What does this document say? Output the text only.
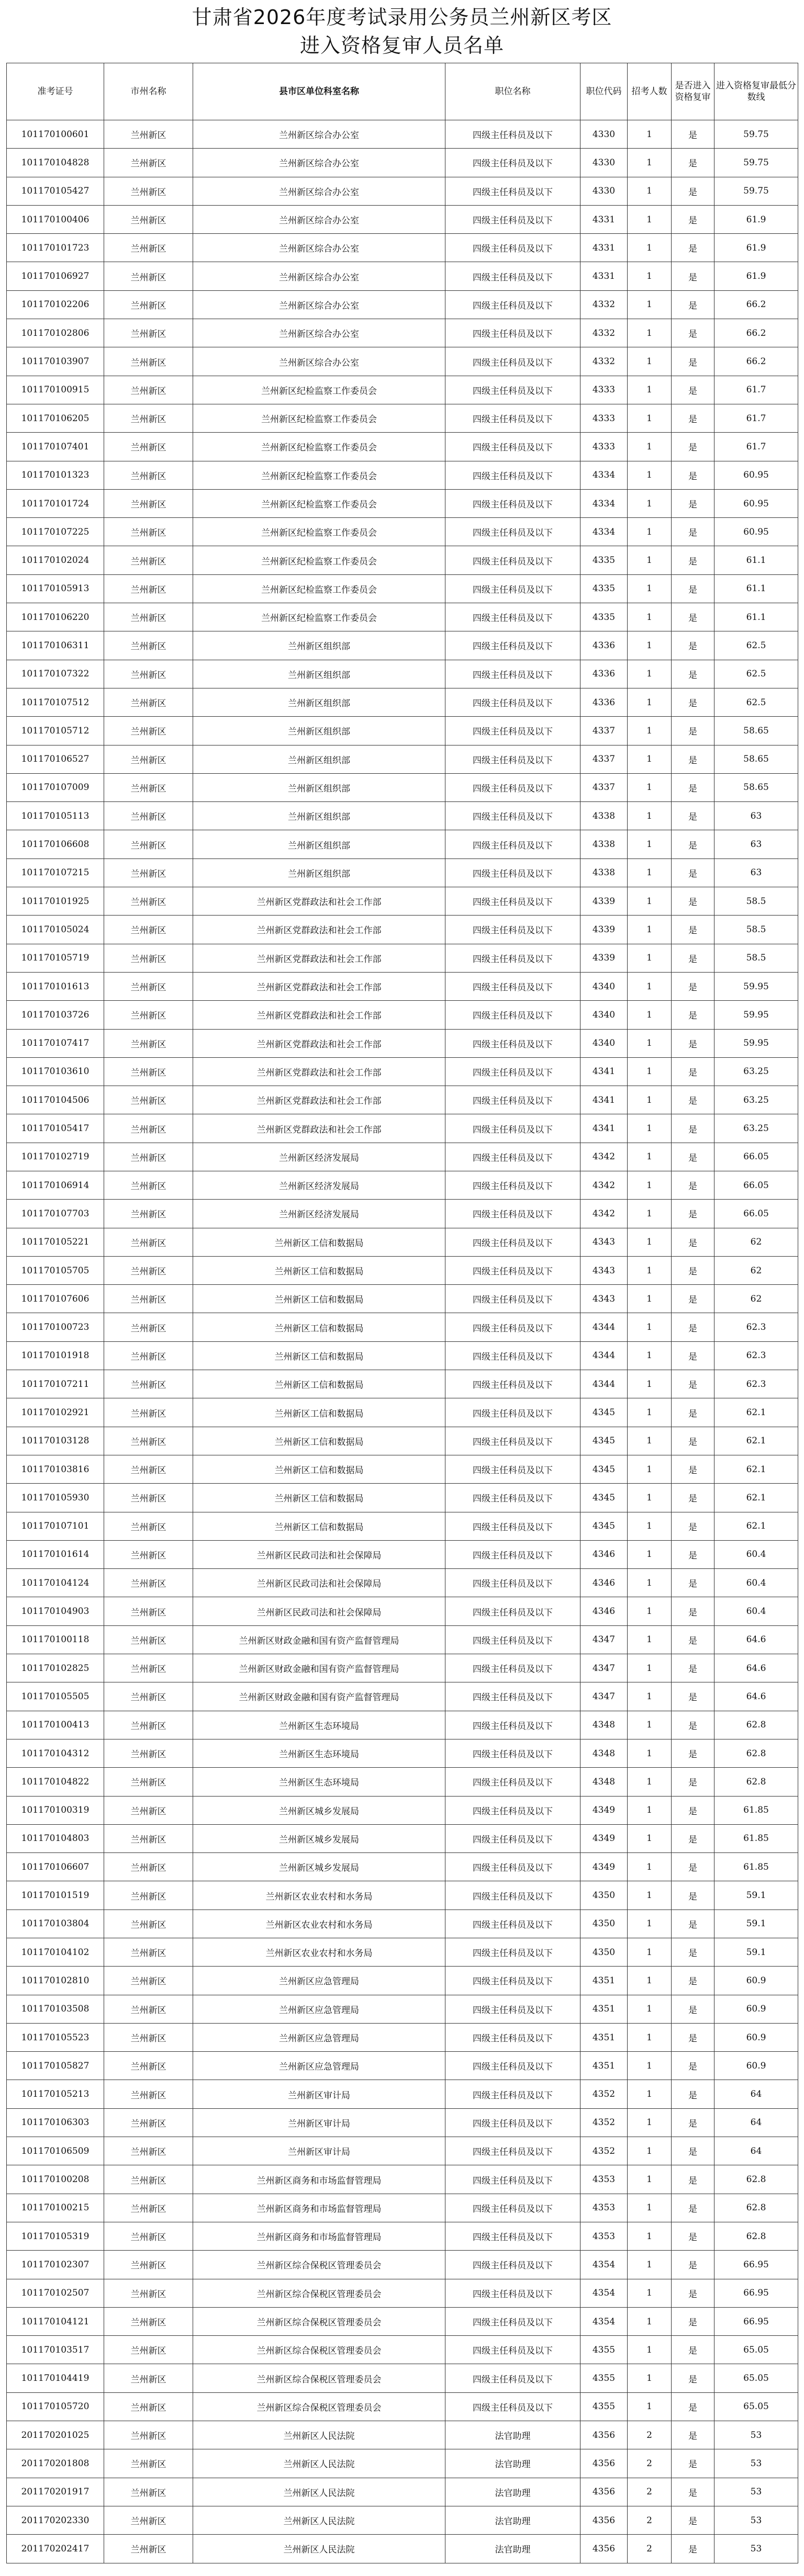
甘肃省2026年度考试录用公务员兰州新区考区
进入资格复审人员名单
准考证号	市州名称	县市区单位科室名称	职位名称	职位代码	招考人数	是否进入资格复审	进入资格复审最低分数线
101170100601	兰州新区	兰州新区综合办公室	四级主任科员及以下	4330	1	是	59.75
101170104828	兰州新区	兰州新区综合办公室	四级主任科员及以下	4330	1	是	59.75
101170105427	兰州新区	兰州新区综合办公室	四级主任科员及以下	4330	1	是	59.75
101170100406	兰州新区	兰州新区综合办公室	四级主任科员及以下	4331	1	是	61.9
101170101723	兰州新区	兰州新区综合办公室	四级主任科员及以下	4331	1	是	61.9
101170106927	兰州新区	兰州新区综合办公室	四级主任科员及以下	4331	1	是	61.9
101170102206	兰州新区	兰州新区综合办公室	四级主任科员及以下	4332	1	是	66.2
101170102806	兰州新区	兰州新区综合办公室	四级主任科员及以下	4332	1	是	66.2
101170103907	兰州新区	兰州新区综合办公室	四级主任科员及以下	4332	1	是	66.2
101170100915	兰州新区	兰州新区纪检监察工作委员会	四级主任科员及以下	4333	1	是	61.7
101170106205	兰州新区	兰州新区纪检监察工作委员会	四级主任科员及以下	4333	1	是	61.7
101170107401	兰州新区	兰州新区纪检监察工作委员会	四级主任科员及以下	4333	1	是	61.7
101170101323	兰州新区	兰州新区纪检监察工作委员会	四级主任科员及以下	4334	1	是	60.95
101170101724	兰州新区	兰州新区纪检监察工作委员会	四级主任科员及以下	4334	1	是	60.95
101170107225	兰州新区	兰州新区纪检监察工作委员会	四级主任科员及以下	4334	1	是	60.95
101170102024	兰州新区	兰州新区纪检监察工作委员会	四级主任科员及以下	4335	1	是	61.1
101170105913	兰州新区	兰州新区纪检监察工作委员会	四级主任科员及以下	4335	1	是	61.1
101170106220	兰州新区	兰州新区纪检监察工作委员会	四级主任科员及以下	4335	1	是	61.1
101170106311	兰州新区	兰州新区组织部	四级主任科员及以下	4336	1	是	62.5
101170107322	兰州新区	兰州新区组织部	四级主任科员及以下	4336	1	是	62.5
101170107512	兰州新区	兰州新区组织部	四级主任科员及以下	4336	1	是	62.5
101170105712	兰州新区	兰州新区组织部	四级主任科员及以下	4337	1	是	58.65
101170106527	兰州新区	兰州新区组织部	四级主任科员及以下	4337	1	是	58.65
101170107009	兰州新区	兰州新区组织部	四级主任科员及以下	4337	1	是	58.65
101170105113	兰州新区	兰州新区组织部	四级主任科员及以下	4338	1	是	63
101170106608	兰州新区	兰州新区组织部	四级主任科员及以下	4338	1	是	63
101170107215	兰州新区	兰州新区组织部	四级主任科员及以下	4338	1	是	63
101170101925	兰州新区	兰州新区党群政法和社会工作部	四级主任科员及以下	4339	1	是	58.5
101170105024	兰州新区	兰州新区党群政法和社会工作部	四级主任科员及以下	4339	1	是	58.5
101170105719	兰州新区	兰州新区党群政法和社会工作部	四级主任科员及以下	4339	1	是	58.5
101170101613	兰州新区	兰州新区党群政法和社会工作部	四级主任科员及以下	4340	1	是	59.95
101170103726	兰州新区	兰州新区党群政法和社会工作部	四级主任科员及以下	4340	1	是	59.95
101170107417	兰州新区	兰州新区党群政法和社会工作部	四级主任科员及以下	4340	1	是	59.95
101170103610	兰州新区	兰州新区党群政法和社会工作部	四级主任科员及以下	4341	1	是	63.25
101170104506	兰州新区	兰州新区党群政法和社会工作部	四级主任科员及以下	4341	1	是	63.25
101170105417	兰州新区	兰州新区党群政法和社会工作部	四级主任科员及以下	4341	1	是	63.25
101170102719	兰州新区	兰州新区经济发展局	四级主任科员及以下	4342	1	是	66.05
101170106914	兰州新区	兰州新区经济发展局	四级主任科员及以下	4342	1	是	66.05
101170107703	兰州新区	兰州新区经济发展局	四级主任科员及以下	4342	1	是	66.05
101170105221	兰州新区	兰州新区工信和数据局	四级主任科员及以下	4343	1	是	62
101170105705	兰州新区	兰州新区工信和数据局	四级主任科员及以下	4343	1	是	62
101170107606	兰州新区	兰州新区工信和数据局	四级主任科员及以下	4343	1	是	62
101170100723	兰州新区	兰州新区工信和数据局	四级主任科员及以下	4344	1	是	62.3
101170101918	兰州新区	兰州新区工信和数据局	四级主任科员及以下	4344	1	是	62.3
101170107211	兰州新区	兰州新区工信和数据局	四级主任科员及以下	4344	1	是	62.3
101170102921	兰州新区	兰州新区工信和数据局	四级主任科员及以下	4345	1	是	62.1
101170103128	兰州新区	兰州新区工信和数据局	四级主任科员及以下	4345	1	是	62.1
101170103816	兰州新区	兰州新区工信和数据局	四级主任科员及以下	4345	1	是	62.1
101170105930	兰州新区	兰州新区工信和数据局	四级主任科员及以下	4345	1	是	62.1
101170107101	兰州新区	兰州新区工信和数据局	四级主任科员及以下	4345	1	是	62.1
101170101614	兰州新区	兰州新区民政司法和社会保障局	四级主任科员及以下	4346	1	是	60.4
101170104124	兰州新区	兰州新区民政司法和社会保障局	四级主任科员及以下	4346	1	是	60.4
101170104903	兰州新区	兰州新区民政司法和社会保障局	四级主任科员及以下	4346	1	是	60.4
101170100118	兰州新区	兰州新区财政金融和国有资产监督管理局	四级主任科员及以下	4347	1	是	64.6
101170102825	兰州新区	兰州新区财政金融和国有资产监督管理局	四级主任科员及以下	4347	1	是	64.6
101170105505	兰州新区	兰州新区财政金融和国有资产监督管理局	四级主任科员及以下	4347	1	是	64.6
101170100413	兰州新区	兰州新区生态环境局	四级主任科员及以下	4348	1	是	62.8
101170104312	兰州新区	兰州新区生态环境局	四级主任科员及以下	4348	1	是	62.8
101170104822	兰州新区	兰州新区生态环境局	四级主任科员及以下	4348	1	是	62.8
101170100319	兰州新区	兰州新区城乡发展局	四级主任科员及以下	4349	1	是	61.85
101170104803	兰州新区	兰州新区城乡发展局	四级主任科员及以下	4349	1	是	61.85
101170106607	兰州新区	兰州新区城乡发展局	四级主任科员及以下	4349	1	是	61.85
101170101519	兰州新区	兰州新区农业农村和水务局	四级主任科员及以下	4350	1	是	59.1
101170103804	兰州新区	兰州新区农业农村和水务局	四级主任科员及以下	4350	1	是	59.1
101170104102	兰州新区	兰州新区农业农村和水务局	四级主任科员及以下	4350	1	是	59.1
101170102810	兰州新区	兰州新区应急管理局	四级主任科员及以下	4351	1	是	60.9
101170103508	兰州新区	兰州新区应急管理局	四级主任科员及以下	4351	1	是	60.9
101170105523	兰州新区	兰州新区应急管理局	四级主任科员及以下	4351	1	是	60.9
101170105827	兰州新区	兰州新区应急管理局	四级主任科员及以下	4351	1	是	60.9
101170105213	兰州新区	兰州新区审计局	四级主任科员及以下	4352	1	是	64
101170106303	兰州新区	兰州新区审计局	四级主任科员及以下	4352	1	是	64
101170106509	兰州新区	兰州新区审计局	四级主任科员及以下	4352	1	是	64
101170100208	兰州新区	兰州新区商务和市场监督管理局	四级主任科员及以下	4353	1	是	62.8
101170100215	兰州新区	兰州新区商务和市场监督管理局	四级主任科员及以下	4353	1	是	62.8
101170105319	兰州新区	兰州新区商务和市场监督管理局	四级主任科员及以下	4353	1	是	62.8
101170102307	兰州新区	兰州新区综合保税区管理委员会	四级主任科员及以下	4354	1	是	66.95
101170102507	兰州新区	兰州新区综合保税区管理委员会	四级主任科员及以下	4354	1	是	66.95
101170104121	兰州新区	兰州新区综合保税区管理委员会	四级主任科员及以下	4354	1	是	66.95
101170103517	兰州新区	兰州新区综合保税区管理委员会	四级主任科员及以下	4355	1	是	65.05
101170104419	兰州新区	兰州新区综合保税区管理委员会	四级主任科员及以下	4355	1	是	65.05
101170105720	兰州新区	兰州新区综合保税区管理委员会	四级主任科员及以下	4355	1	是	65.05
201170201025	兰州新区	兰州新区人民法院	法官助理	4356	2	是	53
201170201808	兰州新区	兰州新区人民法院	法官助理	4356	2	是	53
201170201917	兰州新区	兰州新区人民法院	法官助理	4356	2	是	53
201170202330	兰州新区	兰州新区人民法院	法官助理	4356	2	是	53
201170202417	兰州新区	兰州新区人民法院	法官助理	4356	2	是	53
